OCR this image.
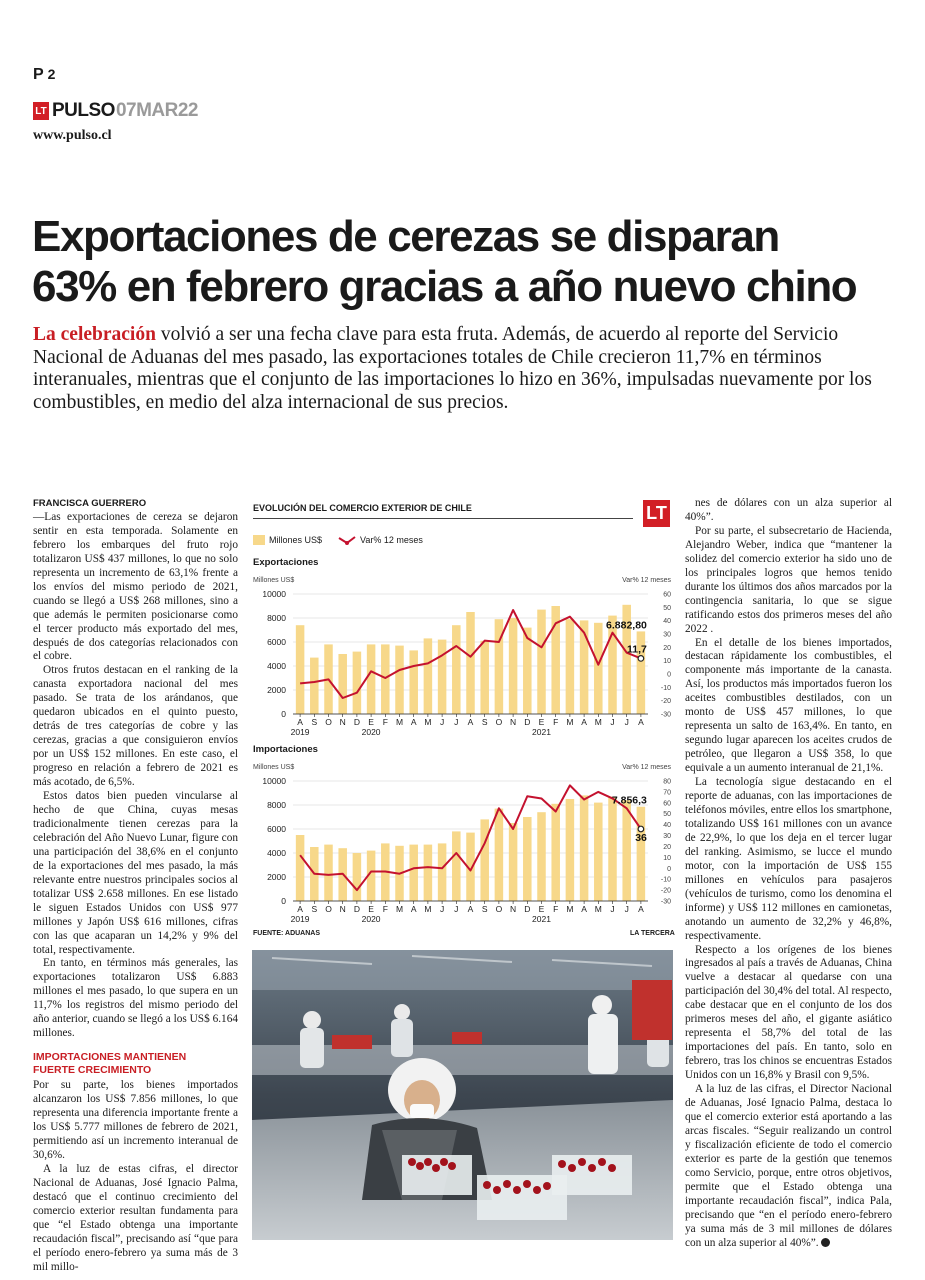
P 2
LT PULSO 07MAR22
www.pulso.cl
Exportaciones de cerezas se disparan
63% en febrero gracias a año nuevo chino
La celebración volvió a ser una fecha clave para esta fruta. Además, de acuerdo al reporte del Servicio Nacional de Aduanas del mes pasado, las exportaciones totales de Chile crecieron 11,7% en términos interanuales, mientras que el conjunto de las importaciones lo hizo en 36%, impulsadas nuevamente por los combustibles, en medio del alza internacional de sus precios.
FRANCISCA GUERRERO

—Las exportaciones de cereza se dejaron sentir en esta temporada. Solamente en febrero los embarques del fruto rojo totalizaron US$ 437 millones, lo que no solo representa un incremento de 63,1% frente a los envíos del mismo periodo de 2021, cuando se llegó a US$ 268 millones, sino a que además le permiten posicionarse como el tercer producto más exportado del mes, después de dos categorías relacionados con el cobre.

Otros frutos destacan en el ranking de la canasta exportadora nacional del mes pasado. Se trata de los arándanos, que quedaron ubicados en el quinto puesto, detrás de tres categorías de cobre y las cerezas, gracias a que consiguieron envíos por un US$ 152 millones. En este caso, el progreso en relación a febrero de 2021 es más acotado, de 6,5%.

Estos datos bien pueden vincularse al hecho de que China, cuyas mesas tradicionalmente tienen cerezas para la celebración del Año Nuevo Lunar, figure con una participación del 38,6% en el conjunto de la exportaciones del mes pasado, la más relevante entre nuestros principales socios al totalizar US$ 2.658 millones. En ese listado le siguen Estados Unidos con US$ 977 millones y Japón US$ 616 millones, cifras con las que acaparan un 14,2% y 9% del total, respectivamente.

En tanto, en términos más generales, las exportaciones totalizaron US$ 6.883 millones el mes pasado, lo que supera en un 11,7% los registros del mismo periodo del año anterior, cuando se llegó a los US$ 6.164 millones.

IMPORTACIONES MANTIENEN
FUERTE CRECIMIENTO

Por su parte, los bienes importados alcanzaron los US$ 7.856 millones, lo que representa una diferencia importante frente a los US$ 5.777 millones de febrero de 2021, permitiendo así un incremento interanual de 30,6%.

A la luz de estas cifras, el director Nacional de Aduanas, José Ignacio Palma, destacó que el continuo crecimiento del comercio exterior resultan fundamenta para que “el Estado obtenga una importante recaudación fiscal”, precisando así “que para el período enero-febrero ya suma más de 3 mil millo-

nes de dólares con un alza superior al 40%”.

Por su parte, el subsecretario de Hacienda, Alejandro Weber, indica que “mantener la solidez del comercio exterior ha sido uno de los principales logros que hemos tenido durante los últimos dos años marcados por la contingencia sanitaria, lo que se sigue ratificando estos dos primeros meses del año 2022 .

En el detalle de los bienes importados, destacan rápidamente los combustibles, el componente más importante de la canasta. Así, los productos más importados fueron los aceites combustibles destilados, con un monto de US$ 457 millones, lo que representa un salto de 163,4%. En tanto, en segundo lugar aparecen los aceites crudos de petróleo, que llegaron a US$ 358, lo que equivale a un aumento interanual de 21,1%.

La tecnología sigue destacando en el reporte de aduanas, con las importaciones de teléfonos móviles, entre ellos los smartphone, totalizando US$ 161 millones con un avance de 22,9%, lo que los deja en el tercer lugar del ranking. Asimismo, se lucce el mundo motor, con la importación de US$ 155 millones en vehículos para pasajeros (vehículos de turismo, como los denomina el informe) y US$ 112 millones en camionetas, anotando un aumento de 32,2% y 46,8%, respectivamente.

Respecto a los orígenes de los bienes ingresados al país a través de Aduanas, China vuelve a destacar al quedarse con una participación del 30,4% del total. Al respecto, cabe destacar que en el conjunto de los dos primeros meses del año, el gigante asiático representa el 58,7% del total de las importaciones del país. En tanto, solo en febrero, tras los chinos se encuentras Estados Unidos con un 16,8% y Brasil con 9,5%.

A la luz de las cifras, el Director Nacional de Aduanas, José Ignacio Palma, destaca lo que el comercio exterior está aportando a las arcas fiscales. “Seguir realizando un control y fiscalización eficiente de todo el comercio exterior es parte de la gestión que tenemos como Servicio, porque, entre otros objetivos, permite que el Estado obtenga una importante recaudación fiscal”, indica Pala, precisando que “en el período enero-febrero ya suma más de 3 mil millones de dólares con un alza superior al 40%”. P

EVOLUCIÓN DEL COMERCIO EXTERIOR DE CHILE	LT
Millones US$	Var% 12 meses
Exportaciones
Millones US$	Var% 12 meses
0
2000
4000
6000
8000
10000
-30
-20
-10
0
10
20
30
40
50
60
6.882,80
11,7
A S O N D E F M A M J J A S O N D E F M A M J J A
2019	2020	2021
Importaciones
Millones US$	Var% 12 meses
0
2000
4000
6000
8000
10000
-30
-20
-10
0
10
20
30
40
50
60
70
80
7.856,3
36
A S O N D E F M A M J J A S O N D E F M A M J J A
2019	2020	2021
FUENTE: ADUANAS	LA TERCERA
